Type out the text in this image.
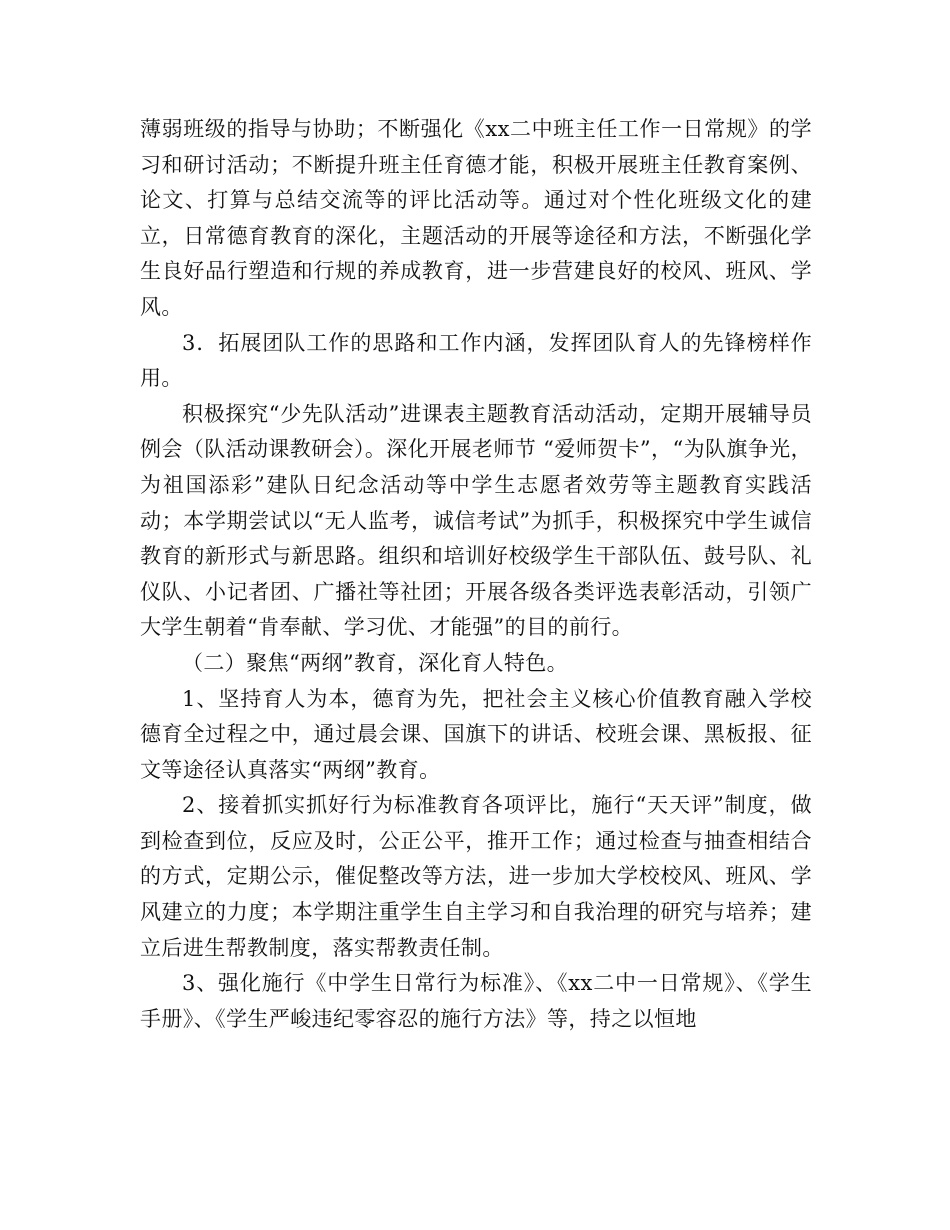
薄弱班级的指导与协助；不断强化《xx二中班主任工作一日常规》的学习和研讨活动；不断提升班主任育德才能，积极开展班主任教育案例、论文、打算与总结交流等的评比活动等。通过对个性化班级文化的建立，日常德育教育的深化，主题活动的开展等途径和方法，不断强化学生良好品行塑造和行规的养成教育，进一步营建良好的校风、班风、学风。

3．拓展团队工作的思路和工作内涵，发挥团队育人的先锋榜样作用。

积极探究“少先队活动”进课表主题教育活动活动，定期开展辅导员例会（队活动课教研会）。深化开展老师节 “爱师贺卡”，“为队旗争光，为祖国添彩”建队日纪念活动等中学生志愿者效劳等主题教育实践活动；本学期尝试以“无人监考，诚信考试”为抓手，积极探究中学生诚信教育的新形式与新思路。组织和培训好校级学生干部队伍、鼓号队、礼仪队、小记者团、广播社等社团；开展各级各类评选表彰活动，引领广大学生朝着“肯奉献、学习优、才能强”的目的前行。

（二）聚焦“两纲”教育，深化育人特色。

1、坚持育人为本，德育为先，把社会主义核心价值教育融入学校德育全过程之中，通过晨会课、国旗下的讲话、校班会课、黑板报、征文等途径认真落实“两纲”教育。

2、接着抓实抓好行为标准教育各项评比，施行“天天评”制度，做到检查到位，反应及时，公正公平，推开工作；通过检查与抽查相结合的方式，定期公示，催促整改等方法，进一步加大学校校风、班风、学风建立的力度；本学期注重学生自主学习和自我治理的研究与培养；建立后进生帮教制度，落实帮教责任制。

3、强化施行《中学生日常行为标准》、《xx二中一日常规》、《学生手册》、《学生严峻违纪零容忍的施行方法》等，持之以恒地
